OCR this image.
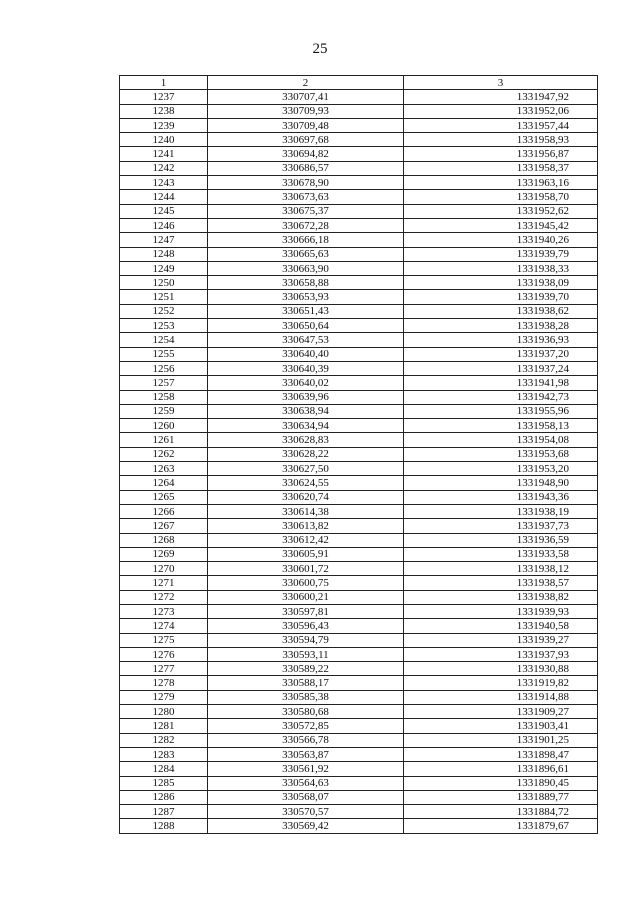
25
1	2	3
1237	330707,41	1331947,92
1238	330709,93	1331952,06
1239	330709,48	1331957,44
1240	330697,68	1331958,93
1241	330694,82	1331956,87
1242	330686,57	1331958,37
1243	330678,90	1331963,16
1244	330673,63	1331958,70
1245	330675,37	1331952,62
1246	330672,28	1331945,42
1247	330666,18	1331940,26
1248	330665,63	1331939,79
1249	330663,90	1331938,33
1250	330658,88	1331938,09
1251	330653,93	1331939,70
1252	330651,43	1331938,62
1253	330650,64	1331938,28
1254	330647,53	1331936,93
1255	330640,40	1331937,20
1256	330640,39	1331937,24
1257	330640,02	1331941,98
1258	330639,96	1331942,73
1259	330638,94	1331955,96
1260	330634,94	1331958,13
1261	330628,83	1331954,08
1262	330628,22	1331953,68
1263	330627,50	1331953,20
1264	330624,55	1331948,90
1265	330620,74	1331943,36
1266	330614,38	1331938,19
1267	330613,82	1331937,73
1268	330612,42	1331936,59
1269	330605,91	1331933,58
1270	330601,72	1331938,12
1271	330600,75	1331938,57
1272	330600,21	1331938,82
1273	330597,81	1331939,93
1274	330596,43	1331940,58
1275	330594,79	1331939,27
1276	330593,11	1331937,93
1277	330589,22	1331930,88
1278	330588,17	1331919,82
1279	330585,38	1331914,88
1280	330580,68	1331909,27
1281	330572,85	1331903,41
1282	330566,78	1331901,25
1283	330563,87	1331898,47
1284	330561,92	1331896,61
1285	330564,63	1331890,45
1286	330568,07	1331889,77
1287	330570,57	1331884,72
1288	330569,42	1331879,67
